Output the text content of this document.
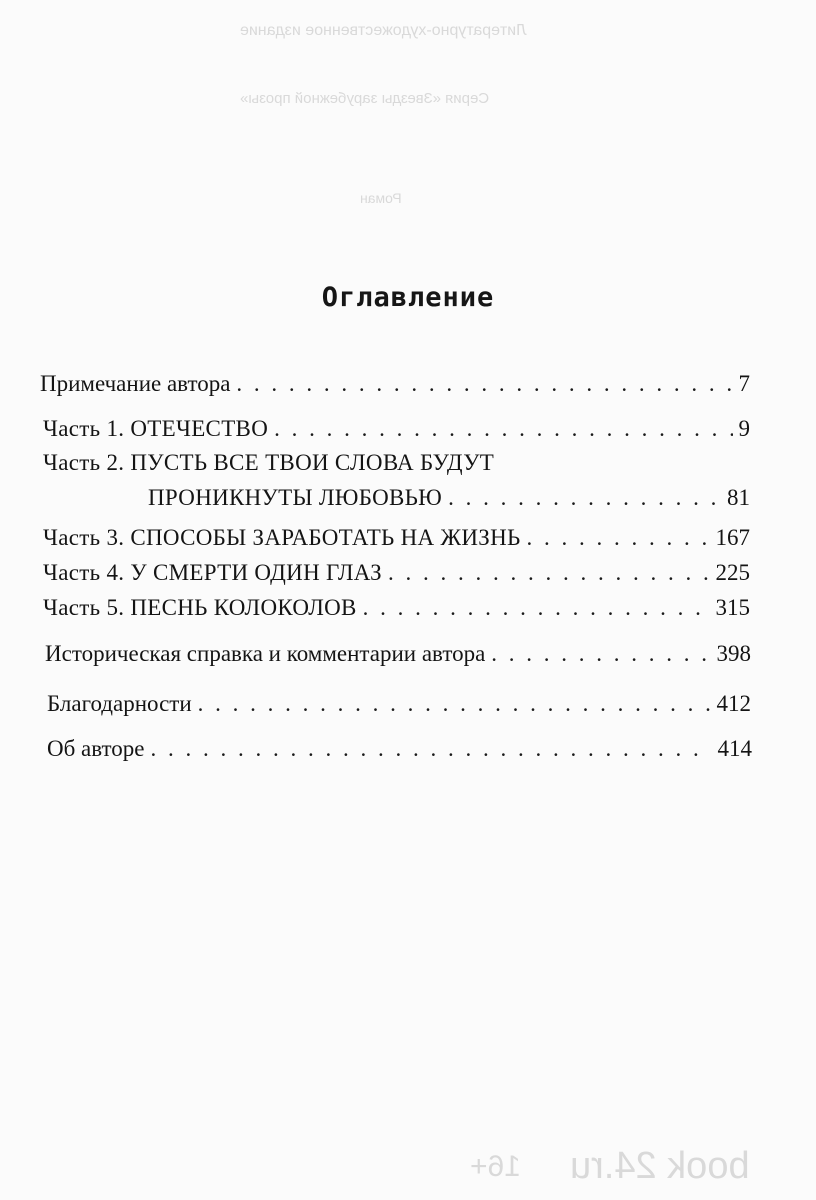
Литературно-художественное издание
Серия «Звезды зарубежной прозы»
Роман
book 24.ru
16+
Оглавление
Примечание автора . . .	7
Часть 1. ОТЕЧЕСТВО . . .	9
Часть 2. ПУСТЬ ВСЕ ТВОИ СЛОВА БУДУТ
ПРОНИКНУТЫ ЛЮБОВЬЮ . . .	81
Часть 3. СПОСОБЫ ЗАРАБОТАТЬ НА ЖИЗНЬ . . .	167
Часть 4. У СМЕРТИ ОДИН ГЛАЗ . . .	225
Часть 5. ПЕСНЬ КОЛОКОЛОВ . . .	315
Историческая справка и комментарии автора . . .	398
Благодарности . . .	412
Об авторе . . .	414
